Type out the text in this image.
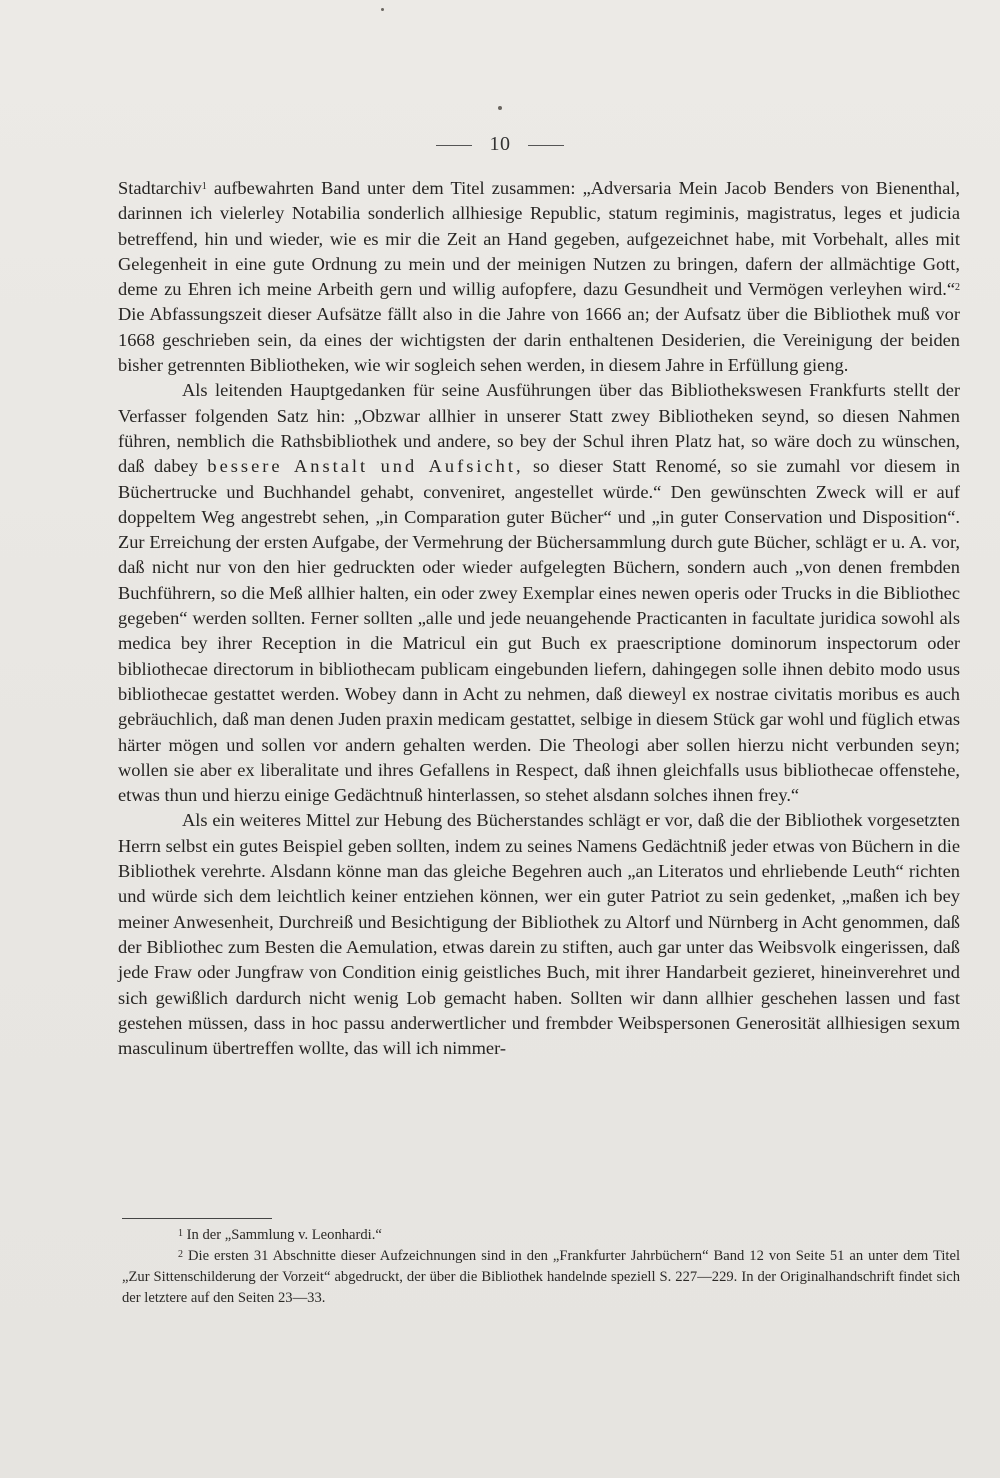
10

Stadtarchiv$^1$ aufbewahrten Band unter dem Titel zusammen: „Adversaria Mein Jacob Benders von Bienenthal, darinnen ich vielerley Notabilia sonderlich allhiesige Republic, statum regiminis, magistratus, leges et judicia betreffend, hin und wieder, wie es mir die Zeit an Hand gegeben, aufgezeichnet habe, mit Vorbehalt, alles mit Gelegenheit in eine gute Ordnung zu mein und der meinigen Nutzen zu bringen, dafern der allmächtige Gott, deme zu Ehren ich meine Arbeith gern und willig aufopfere, dazu Gesundheit und Vermögen verleyhen wird.“$^2$ Die Abfassungszeit dieser Aufsätze fällt also in die Jahre von 1666 an; der Aufsatz über die Bibliothek muß vor 1668 geschrieben sein, da eines der wichtigsten der darin enthaltenen Desiderien, die Vereinigung der beiden bisher getrennten Bibliotheken, wie wir sogleich sehen werden, in diesem Jahre in Erfüllung gieng.

Als leitenden Hauptgedanken für seine Ausführungen über das Bibliothekswesen Frankfurts stellt der Verfasser folgenden Satz hin: „Obzwar allhier in unserer Statt zwey Bibliotheken seynd, so diesen Nahmen führen, nemblich die Rathsbibliothek und andere, so bey der Schul ihren Platz hat, so wäre doch zu wünschen, daß dabey bessere Anstalt und Aufsicht, so dieser Statt Renomé, so sie zumahl vor diesem in Büchertrucke und Buchhandel gehabt, conveniret, angestellet würde.“ Den gewünschten Zweck will er auf doppeltem Weg angestrebt sehen, „in Comparation guter Bücher“ und „in guter Conservation und Disposition“. Zur Erreichung der ersten Aufgabe, der Vermehrung der Büchersammlung durch gute Bücher, schlägt er u. A. vor, daß nicht nur von den hier gedruckten oder wieder aufgelegten Büchern, sondern auch „von denen frembden Buchführern, so die Meß allhier halten, ein oder zwey Exemplar eines newen operis oder Trucks in die Bibliothec gegeben“ werden sollten. Ferner sollten „alle und jede neuangehende Practicanten in facultate juridica sowohl als medica bey ihrer Reception in die Matricul ein gut Buch ex praescriptione dominorum inspectorum oder bibliothecae directorum in bibliothecam publicam eingebunden liefern, dahingegen solle ihnen debito modo usus bibliothecae gestattet werden. Wobey dann in Acht zu nehmen, daß dieweyl ex nostrae civitatis moribus es auch gebräuchlich, daß man denen Juden praxin medicam gestattet, selbige in diesem Stück gar wohl und füglich etwas härter mögen und sollen vor andern gehalten werden. Die Theologi aber sollen hierzu nicht verbunden seyn; wollen sie aber ex liberalitate und ihres Gefallens in Respect, daß ihnen gleichfalls usus bibliothecae offenstehe, etwas thun und hierzu einige Gedächtnuß hinterlassen, so stehet alsdann solches ihnen frey.“

Als ein weiteres Mittel zur Hebung des Bücherstandes schlägt er vor, daß die der Bibliothek vorgesetzten Herrn selbst ein gutes Beispiel geben sollten, indem zu seines Namens Gedächtniß jeder etwas von Büchern in die Bibliothek verehrte. Alsdann könne man das gleiche Begehren auch „an Literatos und ehrliebende Leuth“ richten und würde sich dem leichtlich keiner entziehen können, wer ein guter Patriot zu sein gedenket, „maßen ich bey meiner Anwesenheit, Durchreiß und Besichtigung der Bibliothek zu Altorf und Nürnberg in Acht genommen, daß der Bibliothec zum Besten die Aemulation, etwas darein zu stiften, auch gar unter das Weibsvolk eingerissen, daß jede Fraw oder Jungfraw von Condition einig geistliches Buch, mit ihrer Handarbeit gezieret, hineinverehret und sich gewißlich dardurch nicht wenig Lob gemacht haben. Sollten wir dann allhier geschehen lassen und fast gestehen müssen, dass in hoc passu anderwertlicher und frembder Weibspersonen Generosität allhiesigen sexum masculinum übertreffen wollte, das will ich nimmer-

$^1$ In der „Sammlung v. Leonhardi.“

$^2$ Die ersten 31 Abschnitte dieser Aufzeichnungen sind in den „Frankfurter Jahrbüchern“ Band 12 von Seite 51 an unter dem Titel „Zur Sittenschilderung der Vorzeit“ abgedruckt, der über die Bibliothek handelnde speziell S. 227—229. In der Originalhandschrift findet sich der letztere auf den Seiten 23—33.
